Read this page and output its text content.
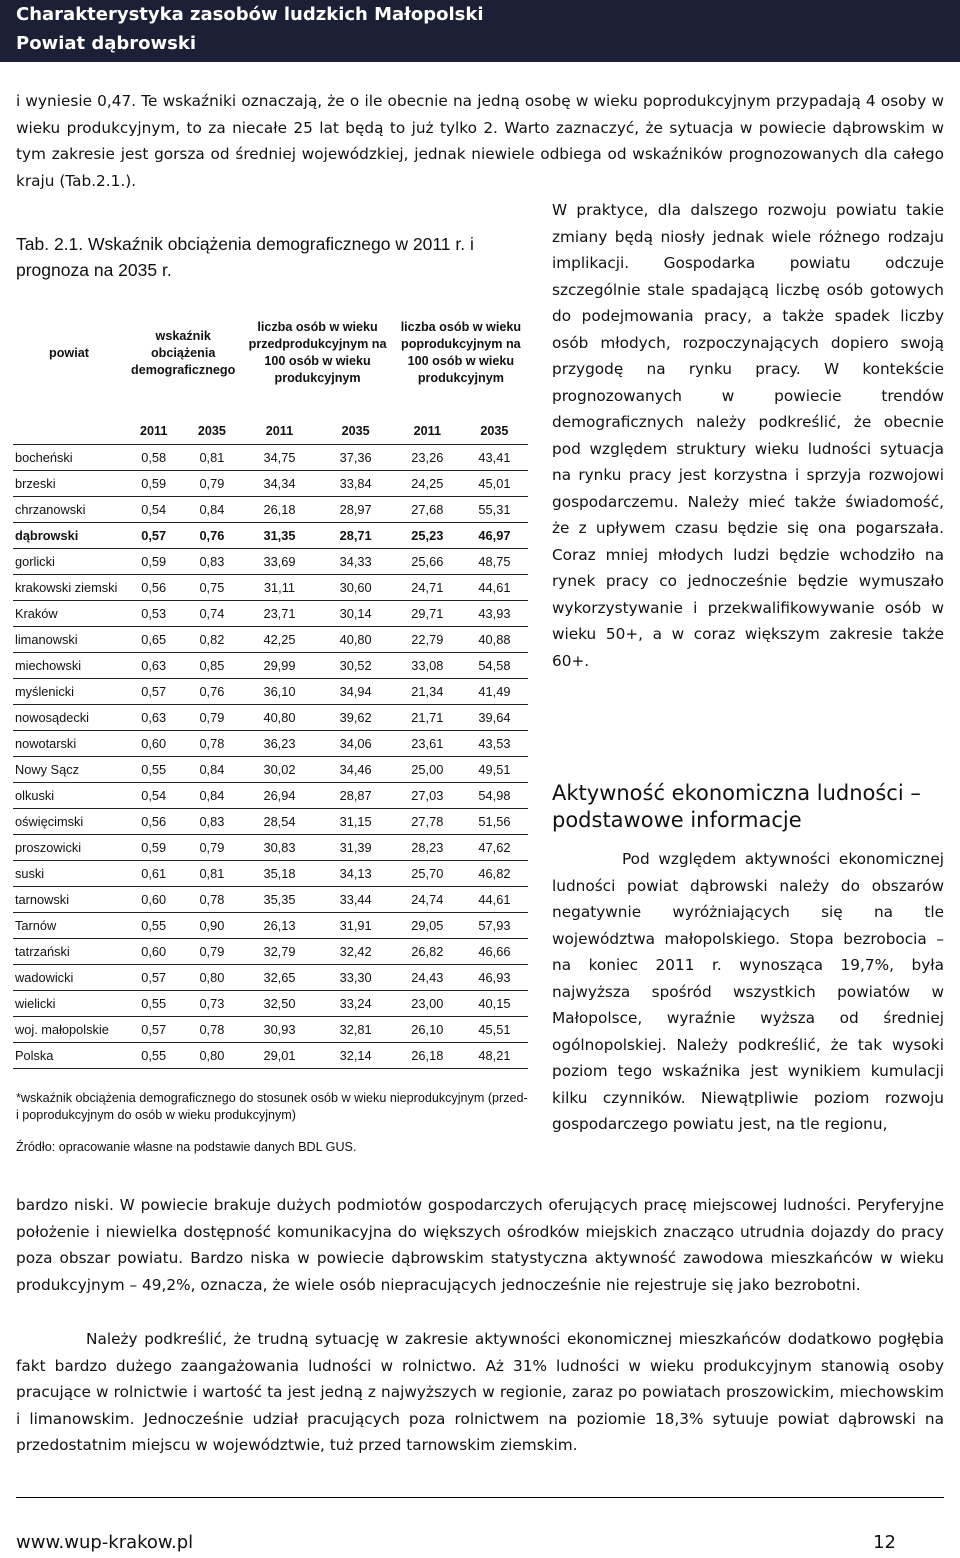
Charakterystyka zasobów ludzkich Małopolski
Powiat dąbrowski

i wyniesie 0,47. Te wskaźniki oznaczają, że o ile obecnie na jedną osobę w wieku poprodukcyjnym przypadają 4 osoby w wieku produkcyjnym, to za niecałe 25 lat będą to już tylko 2. Warto zaznaczyć, że sytuacja w powiecie dąbrowskim w tym zakresie jest gorsza od średniej wojewódzkiej, jednak niewiele odbiega od wskaźników prognozowanych dla całego kraju (Tab.2.1.).

Tab. 2.1. Wskaźnik obciążenia demograficznego w 2011 r. i prognoza na 2035 r.
powiat	wskaźnik obciążenia demograficznego		liczba osób w wieku przedprodukcyjnym na 100 osób w wieku produkcyjnym		liczba osób w wieku poprodukcyjnym na 100 osób w wieku produkcyjnym	
	2011	2035	2011	2035	2011	2035
bocheński	0,58	0,81	34,75	37,36	23,26	43,41
brzeski	0,59	0,79	34,34	33,84	24,25	45,01
chrzanowski	0,54	0,84	26,18	28,97	27,68	55,31
dąbrowski	0,57	0,76	31,35	28,71	25,23	46,97
gorlicki	0,59	0,83	33,69	34,33	25,66	48,75
krakowski ziemski	0,56	0,75	31,11	30,60	24,71	44,61
Kraków	0,53	0,74	23,71	30,14	29,71	43,93
limanowski	0,65	0,82	42,25	40,80	22,79	40,88
miechowski	0,63	0,85	29,99	30,52	33,08	54,58
myślenicki	0,57	0,76	36,10	34,94	21,34	41,49
nowosądecki	0,63	0,79	40,80	39,62	21,71	39,64
nowotarski	0,60	0,78	36,23	34,06	23,61	43,53
Nowy Sącz	0,55	0,84	30,02	34,46	25,00	49,51
olkuski	0,54	0,84	26,94	28,87	27,03	54,98
oświęcimski	0,56	0,83	28,54	31,15	27,78	51,56
proszowicki	0,59	0,79	30,83	31,39	28,23	47,62
suski	0,61	0,81	35,18	34,13	25,70	46,82
tarnowski	0,60	0,78	35,35	33,44	24,74	44,61
Tarnów	0,55	0,90	26,13	31,91	29,05	57,93
tatrzański	0,60	0,79	32,79	32,42	26,82	46,66
wadowicki	0,57	0,80	32,65	33,30	24,43	46,93
wielicki	0,55	0,73	32,50	33,24	23,00	40,15
woj. małopolskie	0,57	0,78	30,93	32,81	26,10	45,51
Polska	0,55	0,80	29,01	32,14	26,18	48,21
*wskaźnik obciążenia demograficznego do stosunek osób w wieku nieprodukcyjnym (przed- i poprodukcyjnym do osób w wieku produkcyjnym)
Źródło: opracowanie własne na podstawie danych BDL GUS.

W praktyce, dla dalszego rozwoju powiatu takie zmiany będą niosły jednak wiele różnego rodzaju implikacji. Gospodarka powiatu odczuje szczególnie stale spadającą liczbę osób gotowych do podejmowania pracy, a także spadek liczby osób młodych, rozpoczynających dopiero swoją przygodę na rynku pracy. W kontekście prognozowanych w powiecie trendów demograficznych należy podkreślić, że obecnie pod względem struktury wieku ludności sytuacja na rynku pracy jest korzystna i sprzyja rozwojowi gospodarczemu. Należy mieć także świadomość, że z upływem czasu będzie się ona pogarszała. Coraz mniej młodych ludzi będzie wchodziło na rynek pracy co jednocześnie będzie wymuszało wykorzystywanie i przekwalifikowywanie osób w wieku 50+, a w coraz większym zakresie także 60+.

Aktywność ekonomiczna ludności – podstawowe informacje

Pod względem aktywności ekonomicznej ludności powiat dąbrowski należy do obszarów negatywnie wyróżniających się na tle województwa małopolskiego. Stopa bezrobocia – na koniec 2011 r. wynosząca 19,7%, była najwyższa spośród wszystkich powiatów w Małopolsce, wyraźnie wyższa od średniej ogólnopolskiej. Należy podkreślić, że tak wysoki poziom tego wskaźnika jest wynikiem kumulacji kilku czynników. Niewątpliwie poziom rozwoju gospodarczego powiatu jest, na tle regionu,

bardzo niski. W powiecie brakuje dużych podmiotów gospodarczych oferujących pracę miejscowej ludności. Peryferyjne położenie i niewielka dostępność komunikacyjna do większych ośrodków miejskich znacząco utrudnia dojazdy do pracy poza obszar powiatu. Bardzo niska w powiecie dąbrowskim statystyczna aktywność zawodowa mieszkańców w wieku produkcyjnym – 49,2%, oznacza, że wiele osób niepracujących jednocześnie nie rejestruje się jako bezrobotni.

Należy podkreślić, że trudną sytuację w zakresie aktywności ekonomicznej mieszkańców dodatkowo pogłębia fakt bardzo dużego zaangażowania ludności w rolnictwo. Aż 31% ludności w wieku produkcyjnym stanowią osoby pracujące w rolnictwie i wartość ta jest jedną z najwyższych w regionie, zaraz po powiatach proszowickim, miechowskim i limanowskim. Jednocześnie udział pracujących poza rolnictwem na poziomie 18,3% sytuuje powiat dąbrowski na przedostatnim miejscu w województwie, tuż przed tarnowskim ziemskim.

www.wup-krakow.pl	12
